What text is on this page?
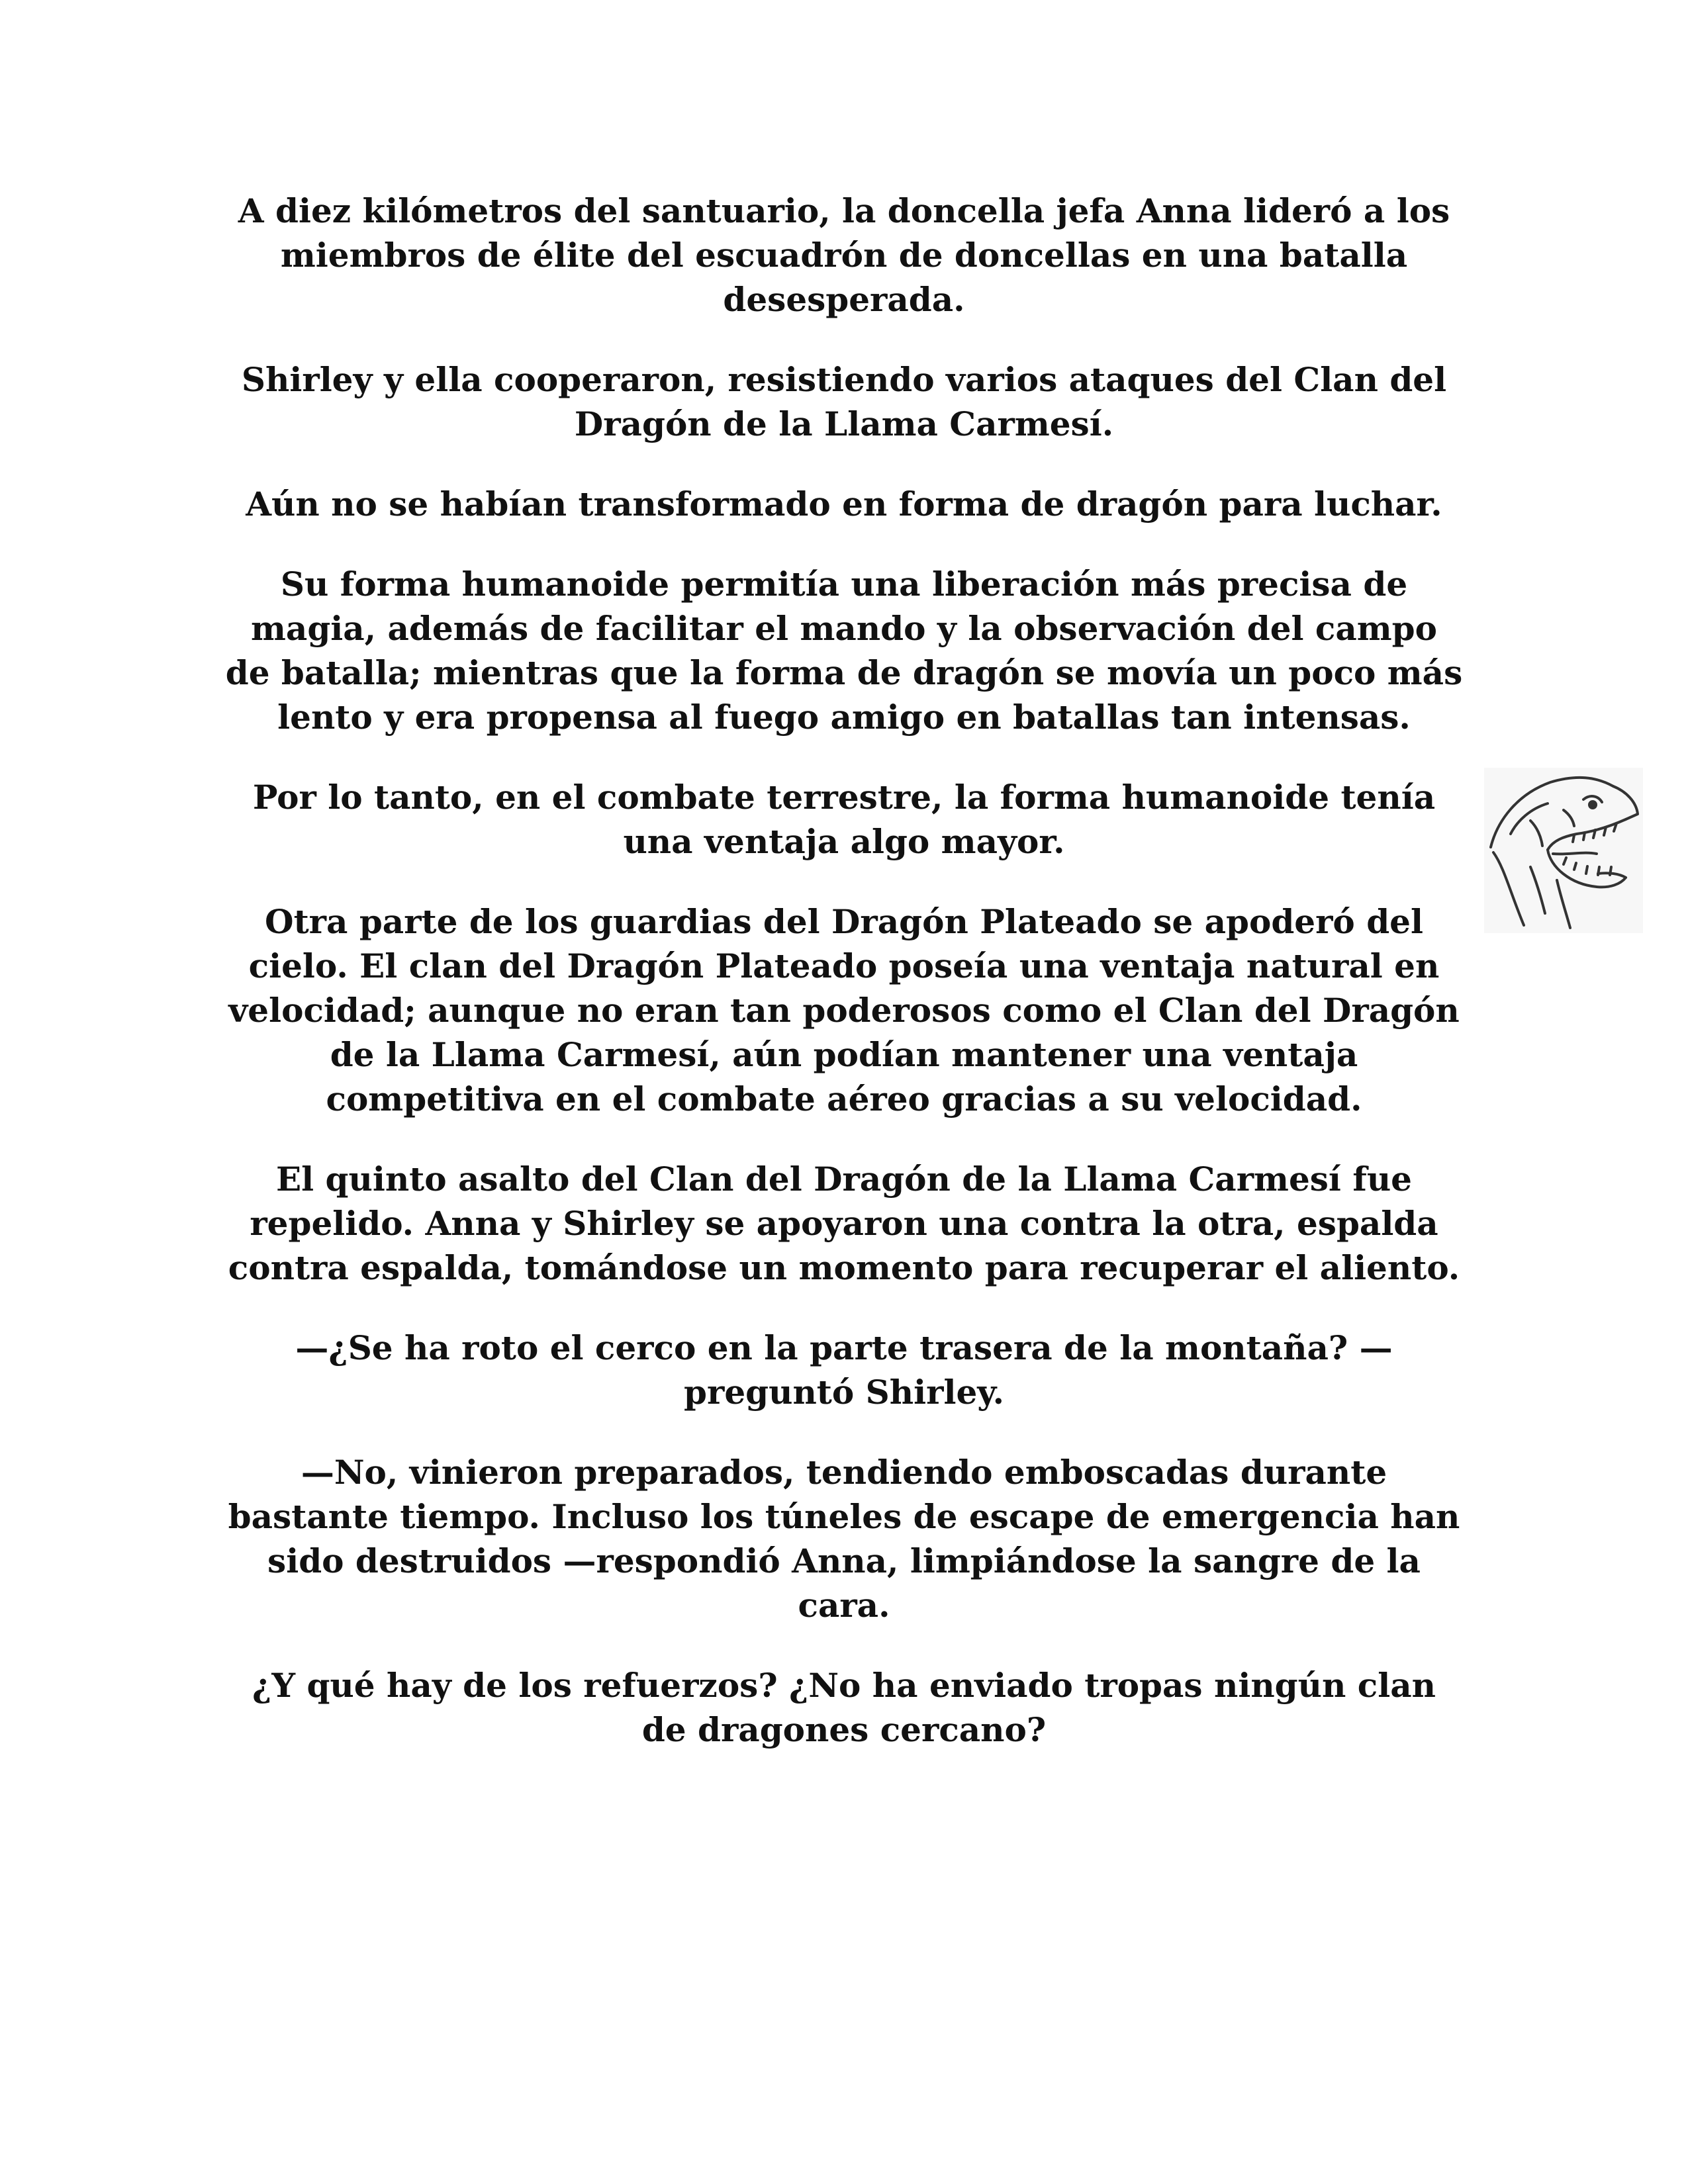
A diez kilómetros del santuario, la doncella jefa Anna lideró a los miembros de élite del escuadrón de doncellas en una batalla desesperada.

Shirley y ella cooperaron, resistiendo varios ataques del Clan del Dragón de la Llama Carmesí.

Aún no se habían transformado en forma de dragón para luchar.

Su forma humanoide permitía una liberación más precisa de magia, además de facilitar el mando y la observación del campo de batalla; mientras que la forma de dragón se movía un poco más lento y era propensa al fuego amigo en batallas tan intensas.

Por lo tanto, en el combate terrestre, la forma humanoide tenía una ventaja algo mayor.

Otra parte de los guardias del Dragón Plateado se apoderó del cielo. El clan del Dragón Plateado poseía una ventaja natural en velocidad; aunque no eran tan poderosos como el Clan del Dragón de la Llama Carmesí, aún podían mantener una ventaja competitiva en el combate aéreo gracias a su velocidad.

El quinto asalto del Clan del Dragón de la Llama Carmesí fue repelido. Anna y Shirley se apoyaron una contra la otra, espalda contra espalda, tomándose un momento para recuperar el aliento.

—¿Se ha roto el cerco en la parte trasera de la montaña? —preguntó Shirley.

—No, vinieron preparados, tendiendo emboscadas durante bastante tiempo. Incluso los túneles de escape de emergencia han sido destruidos —respondió Anna, limpiándose la sangre de la cara.

¿Y qué hay de los refuerzos? ¿No ha enviado tropas ningún clan de dragones cercano?
